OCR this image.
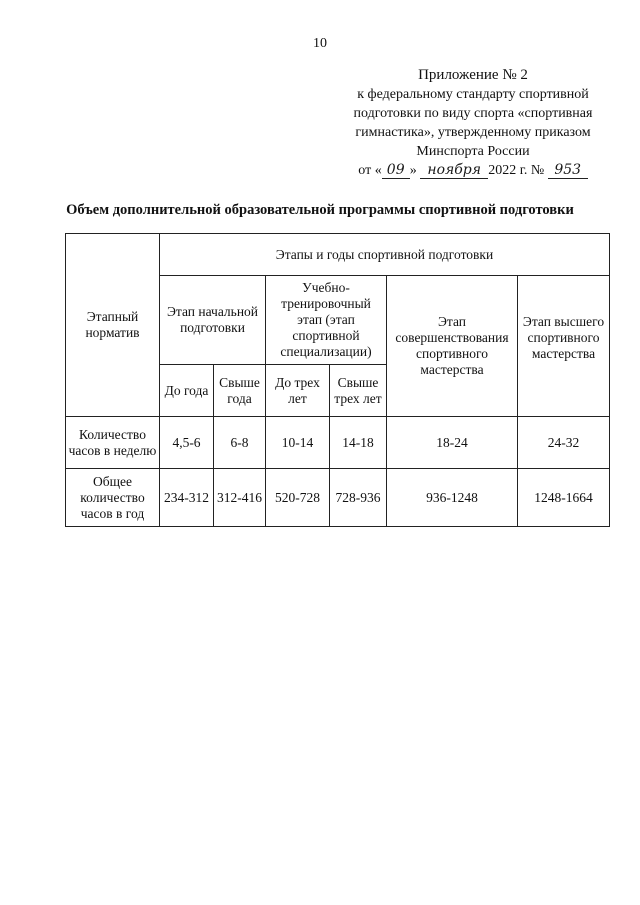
10
Приложение № 2
к федеральному стандарту спортивной
подготовки по виду спорта «спортивная
гимнастика», утвержденному приказом
Минспорта России
от « 09 » ноября 2022 г. № 953
Объем дополнительной образовательной программы спортивной подготовки
Этапный норматив	Этапы и годы спортивной подготовки					
	Этап начальной подготовки		Учебно-тренировочный этап (этап спортивной специализации)		Этап совершенствования спортивного мастерства	Этап высшего спортивного мастерства
	До года	Свыше года	До трех лет	Свыше трех лет		
Количество часов в неделю	4,5-6	6-8	10-14	14-18	18-24	24-32
Общее количество часов в год	234-312	312-416	520-728	728-936	936-1248	1248-1664
